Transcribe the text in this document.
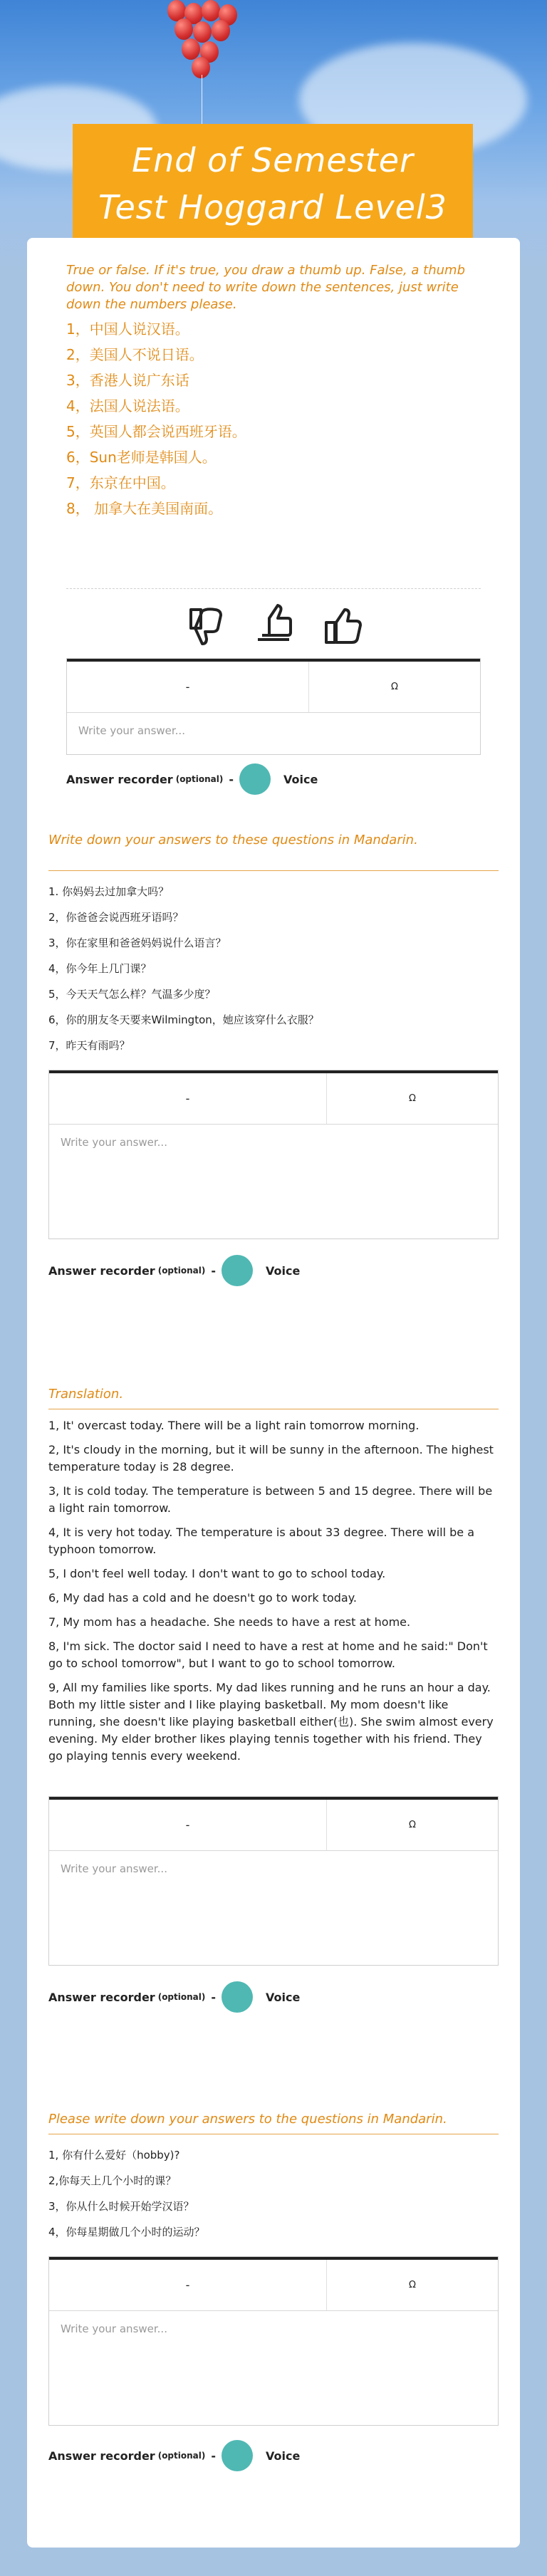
End of Semester
Test Hoggard Level3

True or false. If it's true, you draw a thumb up. False, a thumb down. You don't need to write down the sentences, just write down the numbers please.

1，中国人说汉语。
2，美国人不说日语。
3，香港人说广东话
4，法国人说法语。
5，英国人都会说西班牙语。
6，Sun老师是韩国人。
7，东京在中国。
8， 加拿大在美国南面。
-	Ω
Write your answer...
Answer recorder (optional) -	Voice

Write down your answers to these questions in Mandarin.

1. 你妈妈去过加拿大吗？
2，你爸爸会说西班牙语吗？
3，你在家里和爸爸妈妈说什么语言？
4，你今年上几门课？
5，今天天气怎么样？气温多少度？
6，你的朋友冬天要来Wilmington，她应该穿什么衣服？
7，昨天有雨吗？
-	Ω
Write your answer...
Answer recorder (optional) -	Voice

Translation.

1, It' overcast today. There will be a light rain tomorrow morning.
2, It's cloudy in the morning, but it will be sunny in the afternoon. The highest temperature today is 28 degree.
3, It is cold today. The temperature is between 5 and 15 degree. There will be a light rain tomorrow.
4, It is very hot today. The temperature is about 33 degree. There will be a typhoon tomorrow.
5, I don't feel well today. I don't want to go to school today.
6, My dad has a cold and he doesn't go to work today.
7, My mom has a headache. She needs to have a rest at home.
8, I'm sick. The doctor said I need to have a rest at home and he said:" Don't go to school tomorrow", but I want to go to school tomorrow.
9, All my families like sports. My dad likes running and he runs an hour a day. Both my little sister and I like playing basketball. My mom doesn't like running, she doesn't like playing basketball either(也). She swim almost every evening. My elder brother likes playing tennis together with his friend. They go playing tennis every weekend.
-	Ω
Write your answer...
Answer recorder (optional) -	Voice

Please write down your answers to the questions in Mandarin.

1, 你有什么爱好（hobby)?
2,你每天上几个小时的课？
3，你从什么时候开始学汉语？
4，你每星期做几个小时的运动？
-	Ω
Write your answer...
Answer recorder (optional) -	Voice
